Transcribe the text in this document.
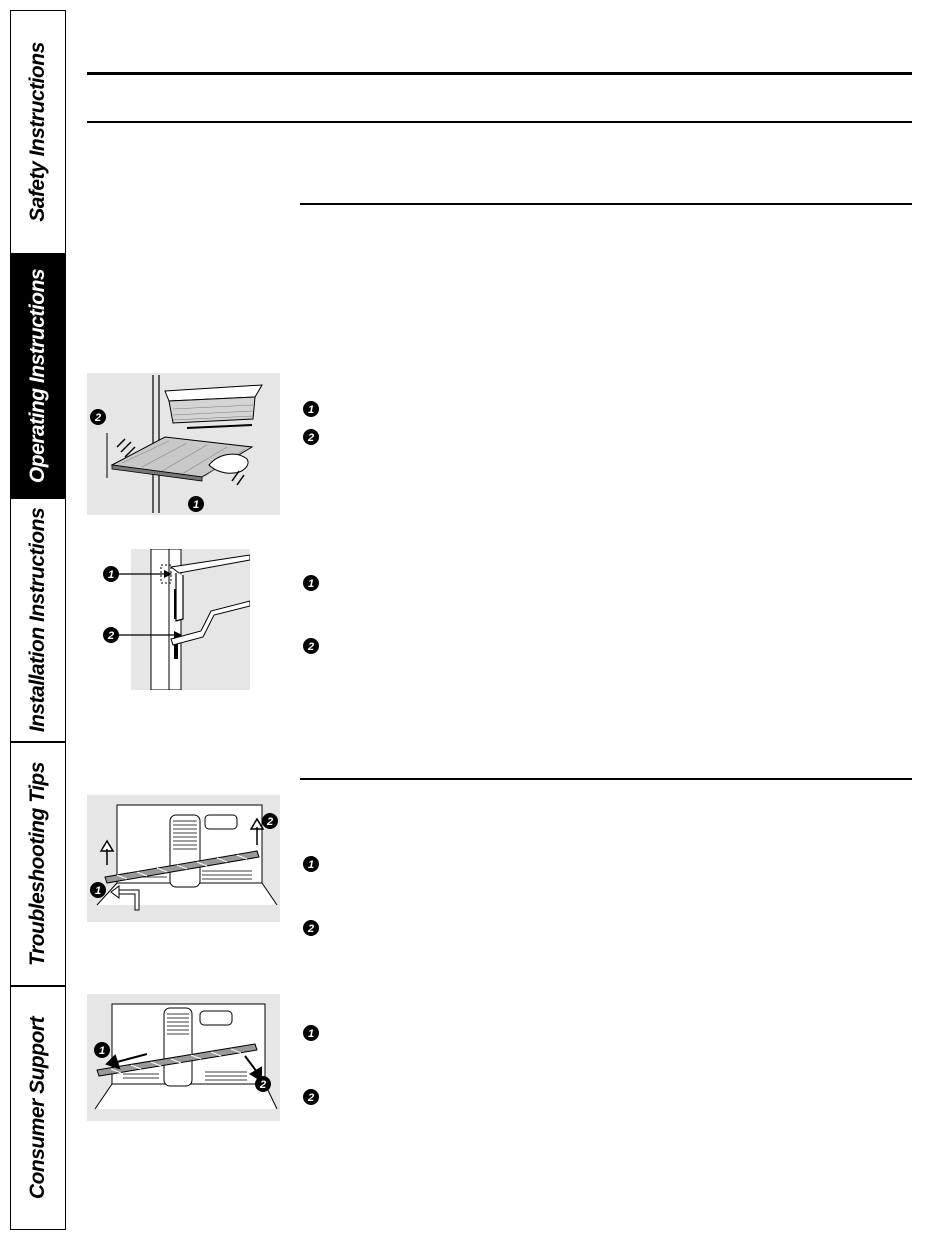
Safety Instructions
Operating Instructions
Installation Instructions
Troubleshooting Tips
Consumer Support
2
1
1
2
1
2
1
2
1
2
1
2
1
2
1
2
